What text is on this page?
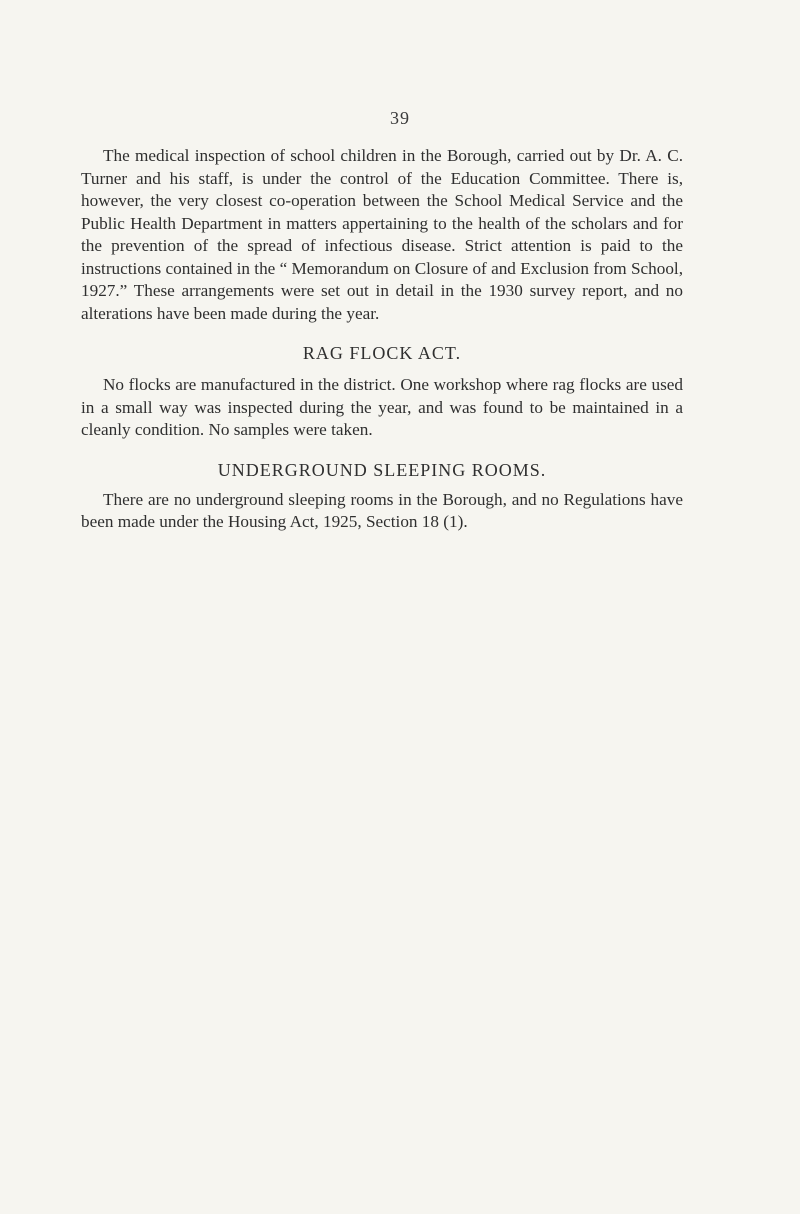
39

The medical inspection of school children in the Borough, carried out by Dr. A. C. Turner and his staff, is under the control of the Education Committee. There is, however, the very closest co-operation between the School Medical Service and the Public Health Department in matters appertaining to the health of the scholars and for the prevention of the spread of infectious disease. Strict attention is paid to the instructions contained in the “ Memorandum on Closure of and Exclusion from School, 1927.” These arrangements were set out in detail in the 1930 survey report, and no alterations have been made during the year.

RAG FLOCK ACT.

No flocks are manufactured in the district. One workshop where rag flocks are used in a small way was inspected during the year, and was found to be maintained in a cleanly condition. No samples were taken.

UNDERGROUND SLEEPING ROOMS.

There are no underground sleeping rooms in the Borough, and no Regulations have been made under the Housing Act, 1925, Section 18 (1).
